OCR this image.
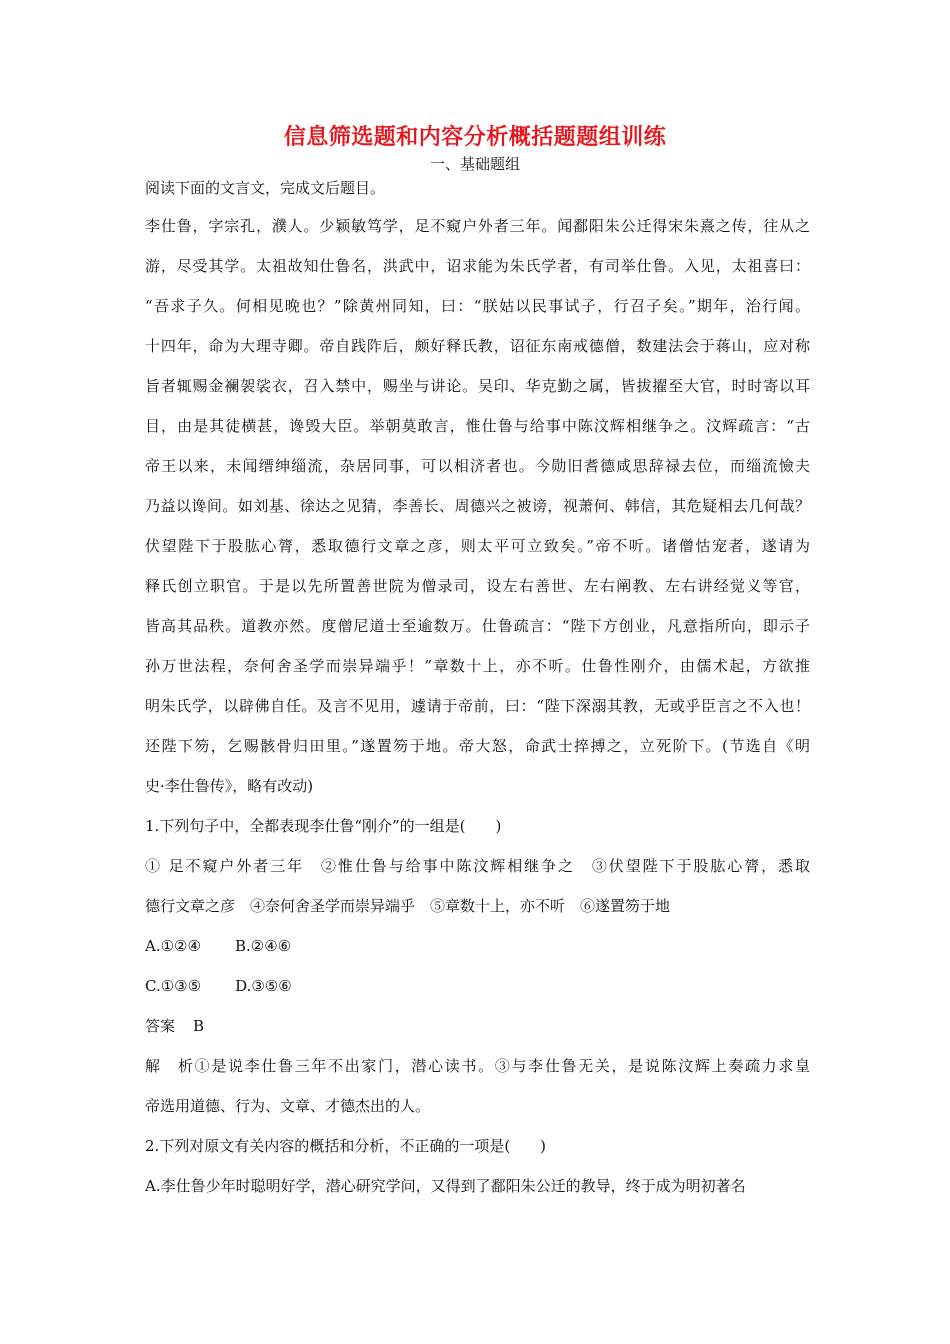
信息筛选题和内容分析概括题题组训练
一、基础题组
阅读下面的文言文，完成文后题目。
李仕鲁，字宗孔，濮人。少颖敏笃学，足不窥户外者三年。闻鄱阳朱公迁得宋朱熹之传，往从之
游，尽受其学。太祖故知仕鲁名，洪武中，诏求能为朱氏学者，有司举仕鲁。入见，太祖喜曰：
“吾求子久。何相见晚也？”除黄州同知，曰：“朕姑以民事试子，行召子矣。”期年，治行闻。
十四年，命为大理寺卿。帝自践阼后，颇好释氏教，诏征东南戒德僧，数建法会于蒋山，应对称
旨者辄赐金襕袈裟衣，召入禁中，赐坐与讲论。吴印、华克勤之属，皆拔擢至大官，时时寄以耳
目，由是其徒横甚，谗毁大臣。举朝莫敢言，惟仕鲁与给事中陈汶辉相继争之。汶辉疏言：“古
帝王以来，未闻缙绅缁流，杂居同事，可以相济者也。今勋旧耆德咸思辞禄去位，而缁流憸夫
乃益以谗间。如刘基、徐达之见猜，李善长、周德兴之被谤，视萧何、韩信，其危疑相去几何哉？
伏望陛下于股肱心膂，悉取德行文章之彦，则太平可立致矣。”帝不听。诸僧怙宠者，遂请为
释氏创立职官。于是以先所置善世院为僧录司，设左右善世、左右阐教、左右讲经觉义等官，
皆高其品秩。道教亦然。度僧尼道士至逾数万。仕鲁疏言：“陛下方创业，凡意指所向，即示子
孙万世法程，奈何舍圣学而崇异端乎！”章数十上，亦不听。仕鲁性刚介，由儒术起，方欲推
明朱氏学，以辟佛自任。及言不见用，遽请于帝前，曰：“陛下深溺其教，无或乎臣言之不入也！
还陛下笏，乞赐骸骨归田里。”遂置笏于地。帝大怒，命武士捽搏之，立死阶下。(节选自《明
史·李仕鲁传》，略有改动)
1.下列句子中，全都表现李仕鲁“刚介”的一组是(　　)
① 足不窥户外者三年　②惟仕鲁与给事中陈汶辉相继争之　③伏望陛下于股肱心膂，悉取
德行文章之彦　④奈何舍圣学而崇异端乎　⑤章数十上，亦不听　⑥遂置笏于地
A.①②④ B.②④⑥
C.①③⑤ D.③⑤⑥
答案 B
解析①是说李仕鲁三年不出家门，潜心读书。③与李仕鲁无关，是说陈汶辉上奏疏力求皇
帝选用道德、行为、文章、才德杰出的人。
2.下列对原文有关内容的概括和分析，不正确的一项是(　　)
A.李仕鲁少年时聪明好学，潜心研究学问，又得到了鄱阳朱公迁的教导，终于成为明初著名
